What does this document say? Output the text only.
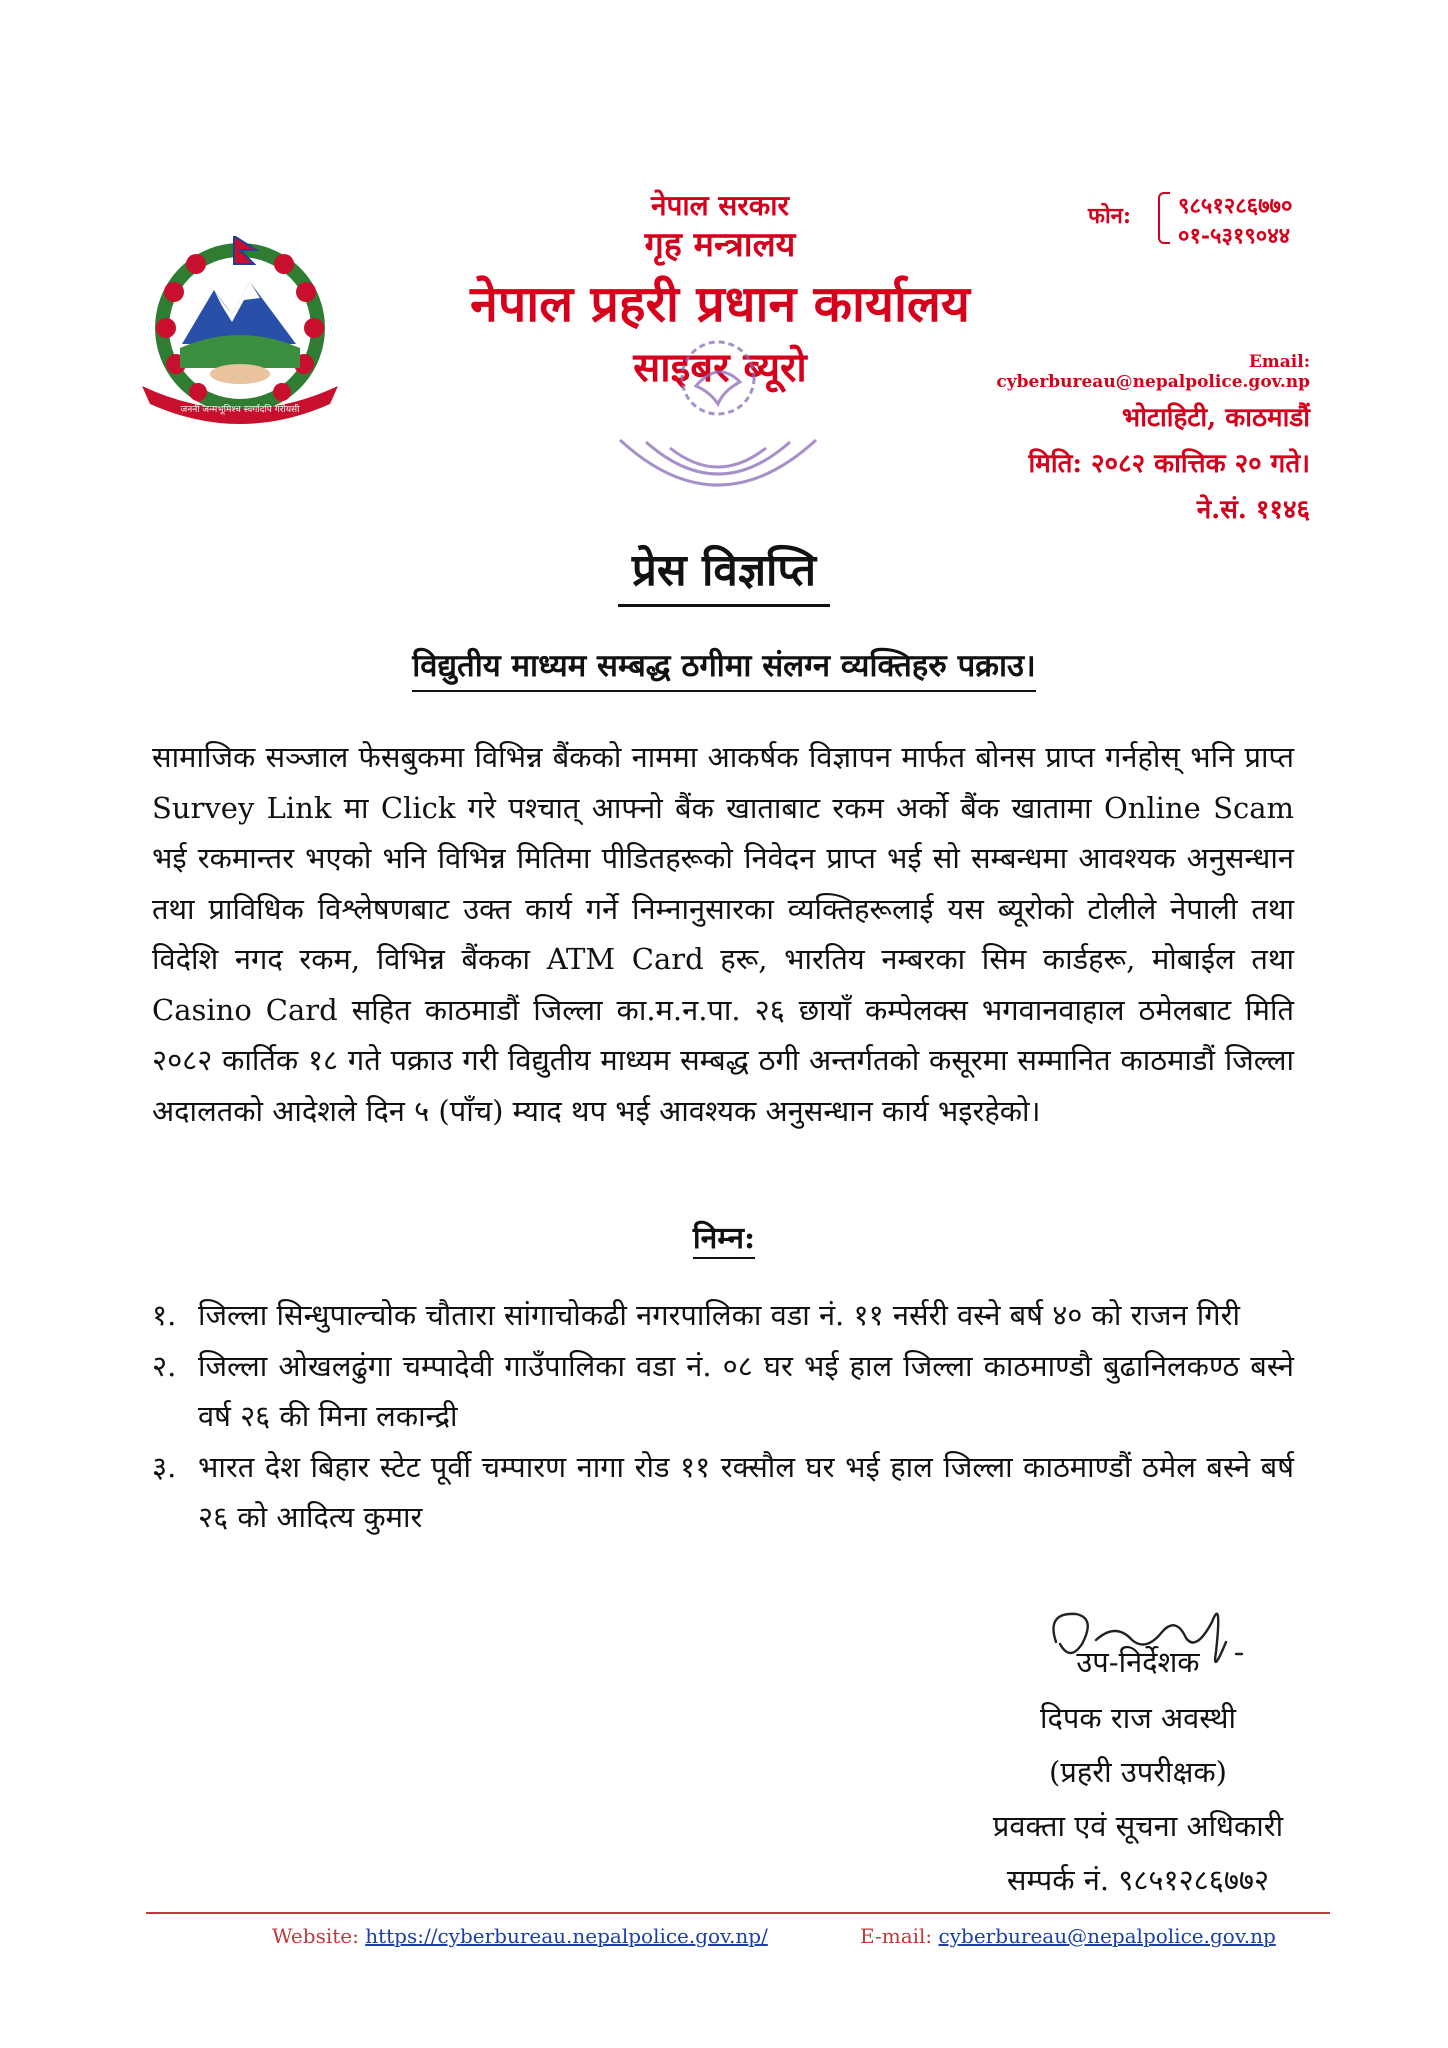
जननी जन्मभूमिश्च स्वर्गादपि गरीयसी
नेपाल सरकार
गृह मन्त्रालय
नेपाल प्रहरी प्रधान कार्यालय
साइबर ब्यूरो
फोन: ९८५१२८६७७०
०१-५३१९०४४
Email: cyberbureau@nepalpolice.gov.np
भोटाहिटी, काठमाडौं
मिति: २०८२ कात्तिक २० गते।
ने.सं. ११४६
प्रेस विज्ञप्ति
विद्युतीय माध्यम सम्बद्ध ठगीमा संलग्न व्यक्तिहरु पक्राउ।
सामाजिक सञ्जाल फेसबुकमा विभिन्न बैंकको नाममा आकर्षक विज्ञापन मार्फत बोनस प्राप्त गर्नहोस् भनि प्राप्त Survey Link मा Click गरे पश्चात् आफ्नो बैंक खाताबाट रकम अर्को बैंक खातामा Online Scam भई रकमान्तर भएको भनि विभिन्न मितिमा पीडितहरूको निवेदन प्राप्त भई सो सम्बन्धमा आवश्यक अनुसन्धान तथा प्राविधिक विश्लेषणबाट उक्त कार्य गर्ने निम्नानुसारका व्यक्तिहरूलाई यस ब्यूरोको टोलीले नेपाली तथा विदेशि नगद रकम, विभिन्न बैंकका ATM Card हरू, भारतिय नम्बरका सिम कार्डहरू, मोबाईल तथा Casino Card सहित काठमाडौं जिल्ला का.म.न.पा. २६ छायाँ कम्पेलक्स भगवानवाहाल ठमेलबाट मिति २०८२ कार्तिक १८ गते पक्राउ गरी विद्युतीय माध्यम सम्बद्ध ठगी अन्तर्गतको कसूरमा सम्मानित काठमाडौं जिल्ला अदालतको आदेशले दिन ५ (पाँच) म्याद थप भई आवश्यक अनुसन्धान कार्य भइरहेको।
निम्न:
१. जिल्ला सिन्धुपाल्चोक चौतारा सांगाचोकढी नगरपालिका वडा नं. ११ नर्सरी वस्ने बर्ष ४० को राजन गिरी
२. जिल्ला ओखलढुंगा चम्पादेवी गाउँपालिका वडा नं. ०८ घर भई हाल जिल्ला काठमाण्डौ बुढानिलकण्ठ बस्ने वर्ष २६ की मिना लकान्द्री
३. भारत देश बिहार स्टेट पूर्वी चम्पारण नागा रोड ११ रक्सौल घर भई हाल जिल्ला काठमाण्डौं ठमेल बस्ने बर्ष २६ को आदित्य कुमार
उप-निर्देशक
दिपक राज अवस्थी
(प्रहरी उपरीक्षक)
प्रवक्ता एवं सूचना अधिकारी
सम्पर्क नं. ९८५१२८६७७२
Website: https://cyberbureau.nepalpolice.gov.np/	E-mail: cyberbureau@nepalpolice.gov.np
